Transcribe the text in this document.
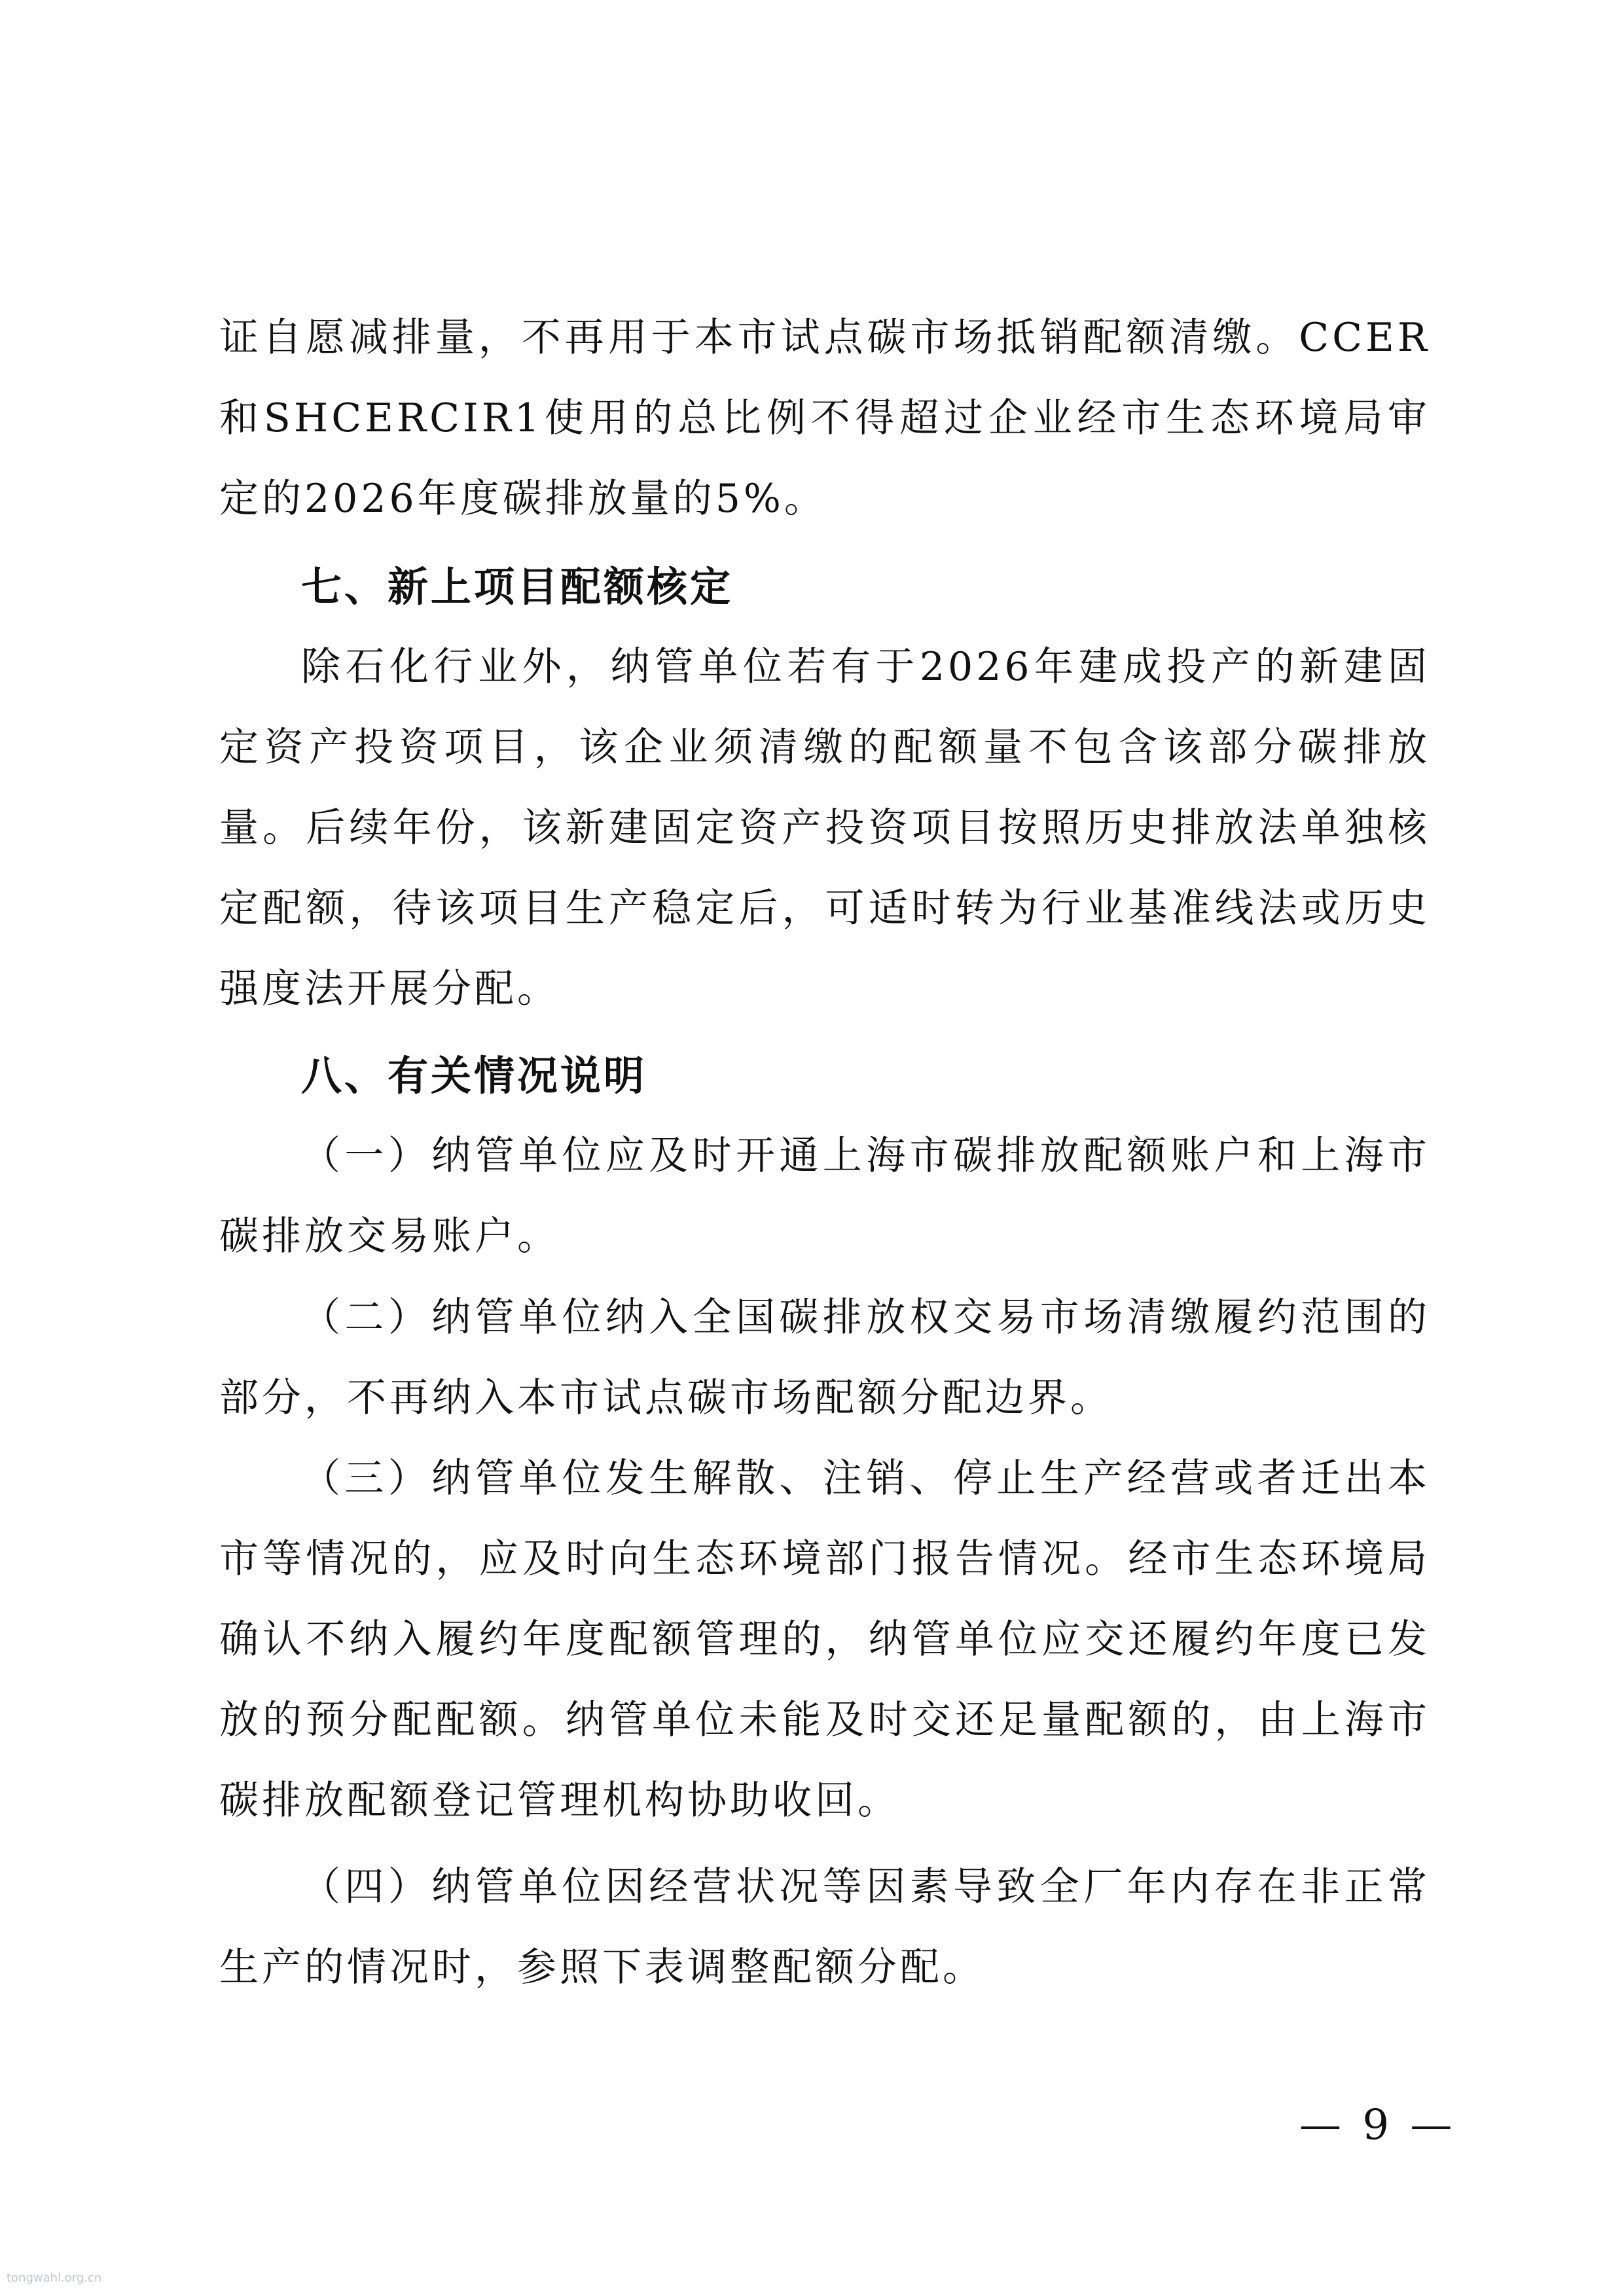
证自愿减排量，不再用于本市试点碳市场抵销配额清缴。CCER和SHCERCIR1使用的总比例不得超过企业经市生态环境局审定的2026年度碳排放量的5%。

七、新上项目配额核定

除石化行业外，纳管单位若有于2026年建成投产的新建固定资产投资项目，该企业须清缴的配额量不包含该部分碳排放量。后续年份，该新建固定资产投资项目按照历史排放法单独核定配额，待该项目生产稳定后，可适时转为行业基准线法或历史强度法开展分配。

八、有关情况说明

（一）纳管单位应及时开通上海市碳排放配额账户和上海市碳排放交易账户。

（二）纳管单位纳入全国碳排放权交易市场清缴履约范围的部分，不再纳入本市试点碳市场配额分配边界。

（三）纳管单位发生解散、注销、停止生产经营或者迁出本市等情况的，应及时向生态环境部门报告情况。经市生态环境局确认不纳入履约年度配额管理的，纳管单位应交还履约年度已发放的预分配配额。纳管单位未能及时交还足量配额的，由上海市碳排放配额登记管理机构协助收回。

（四）纳管单位因经营状况等因素导致全厂年内存在非正常生产的情况时，参照下表调整配额分配。

— 9 —
tongwahl.org.cn
